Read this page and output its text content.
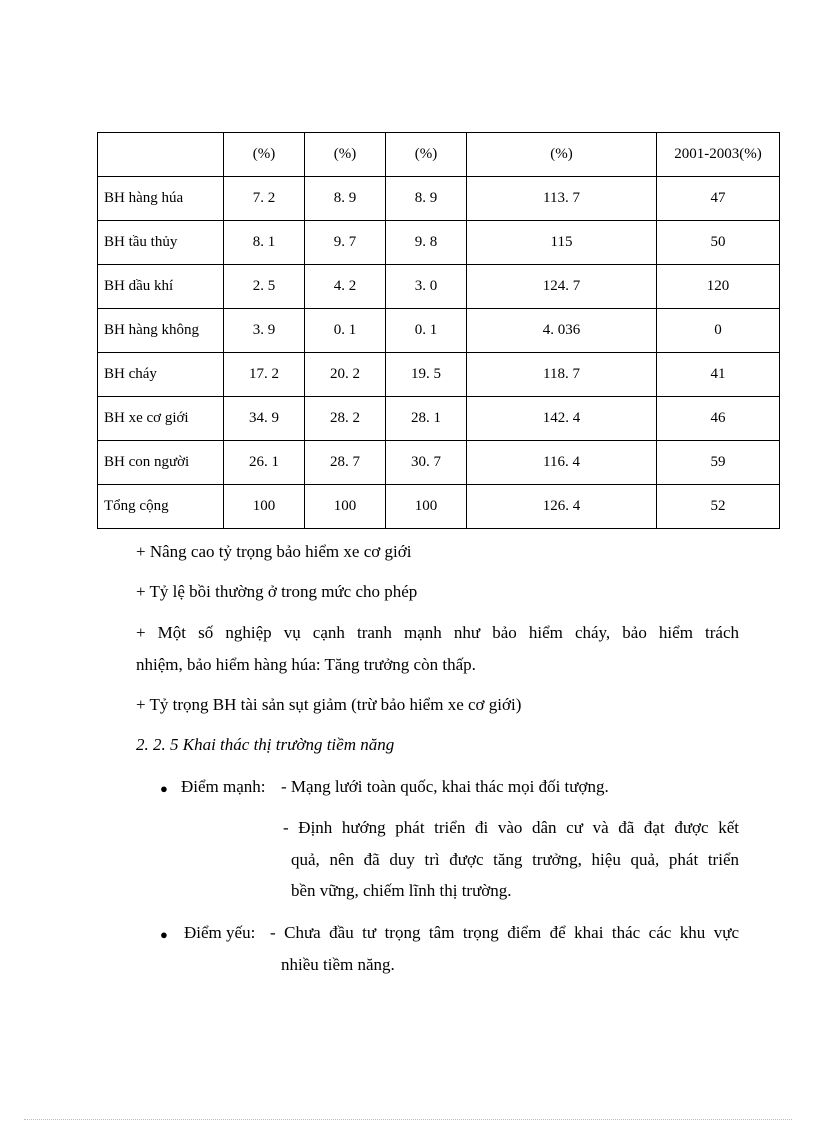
	(%)	(%)	(%)	(%)	2001-2003(%)
BH hàng húa	7. 2	8. 9	8. 9	113. 7	47
BH tầu thủy	8. 1	9. 7	9. 8	115	50
BH dầu khí	2. 5	4. 2	3. 0	124. 7	120
BH hàng không	3. 9	0. 1	0. 1	4. 036	0
BH cháy	17. 2	20. 2	19. 5	118. 7	41
BH xe cơ giới	34. 9	28. 2	28. 1	142. 4	46
BH con người	26. 1	28. 7	30. 7	116. 4	59
Tổng cộng	100	100	100	126. 4	52
+ Nâng cao tỷ trọng bảo hiểm xe cơ giới
+ Tỷ lệ bồi thường ở trong mức cho phép
+ Một số nghiệp vụ cạnh tranh mạnh như bảo hiểm cháy, bảo hiểm trách
nhiệm, bảo hiểm hàng húa: Tăng trưởng còn thấp.
+ Tỷ trọng BH tài sản sụt giảm (trừ bảo hiểm xe cơ giới)
2. 2. 5 Khai thác thị trường tiềm năng
● Điểm mạnh: - Mạng lưới toàn quốc, khai thác mọi đối tượng.
- Định hướng phát triển đi vào dân cư và đã đạt được kết
quả, nên đã duy trì được tăng trưởng, hiệu quả, phát triển
bền vững, chiếm lĩnh thị trường.
● Điểm yếu: - Chưa đầu tư trọng tâm trọng điểm để khai thác các khu vực
nhiều tiềm năng.
